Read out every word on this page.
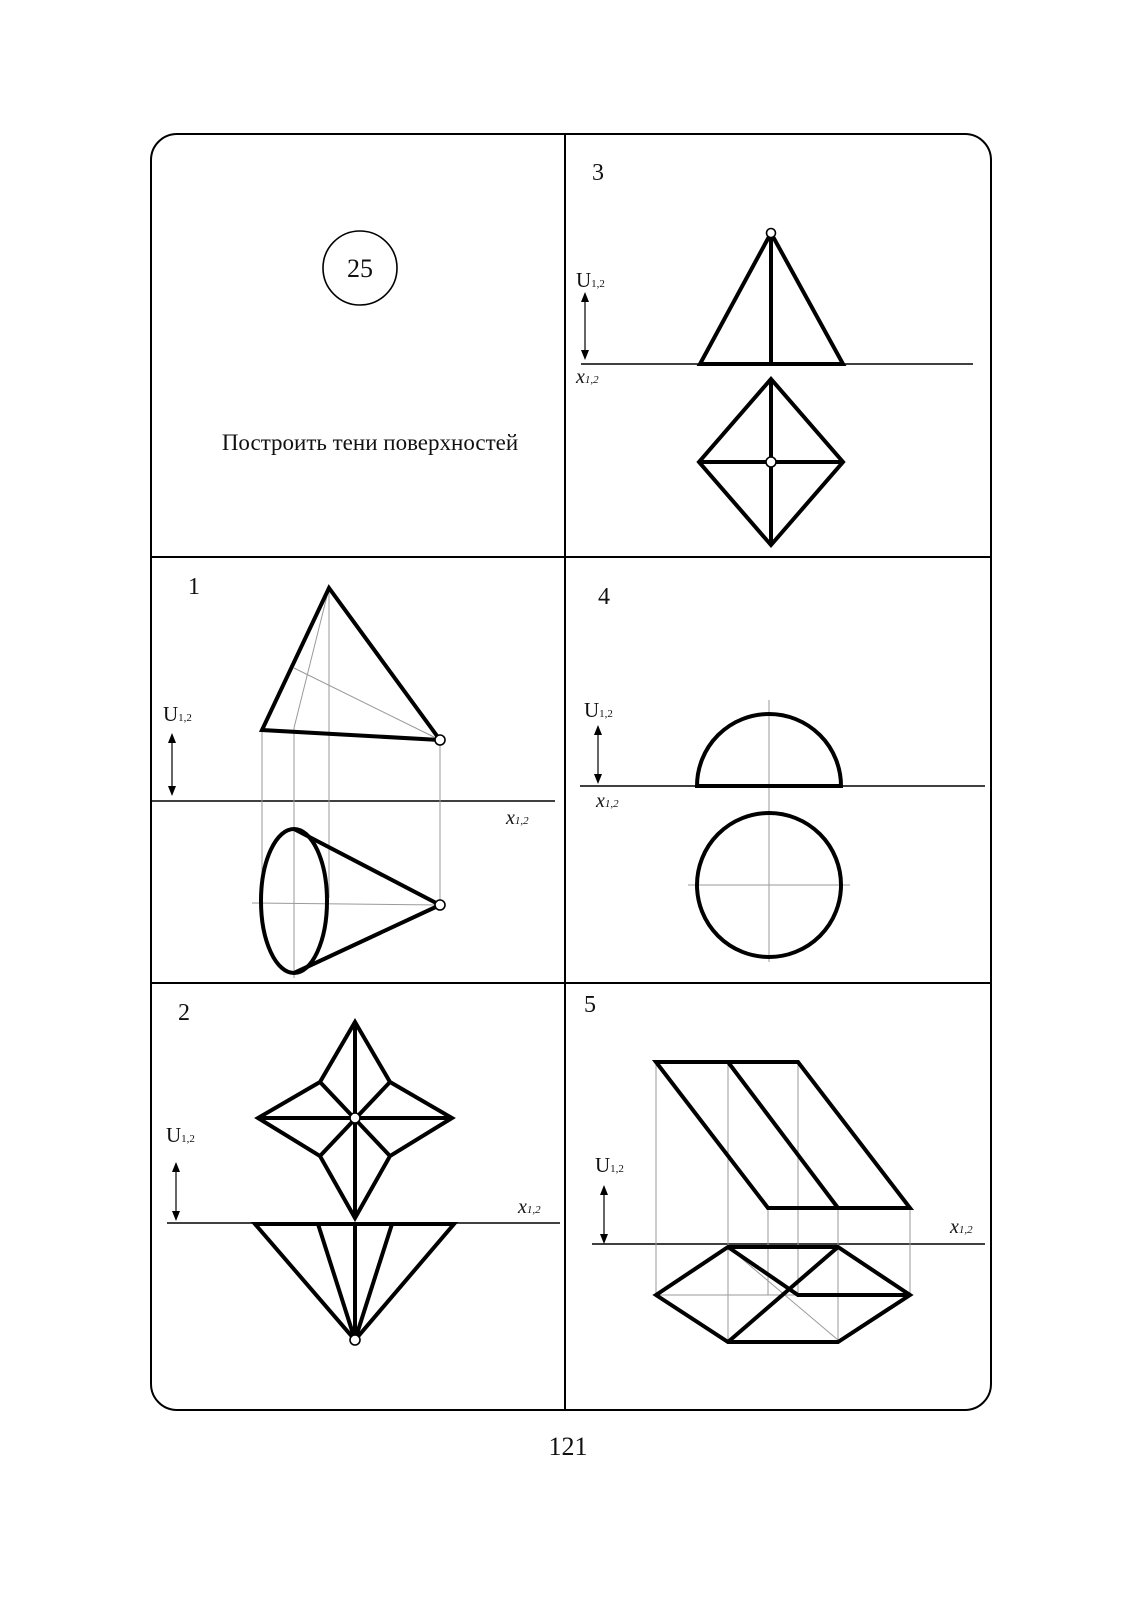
25
Построить тени поверхностей
3
U1,2
x1,2
1
U1,2
x1,2
4
U1,2
x1,2
2
U1,2
x1,2
5
U1,2
x1,2
121
